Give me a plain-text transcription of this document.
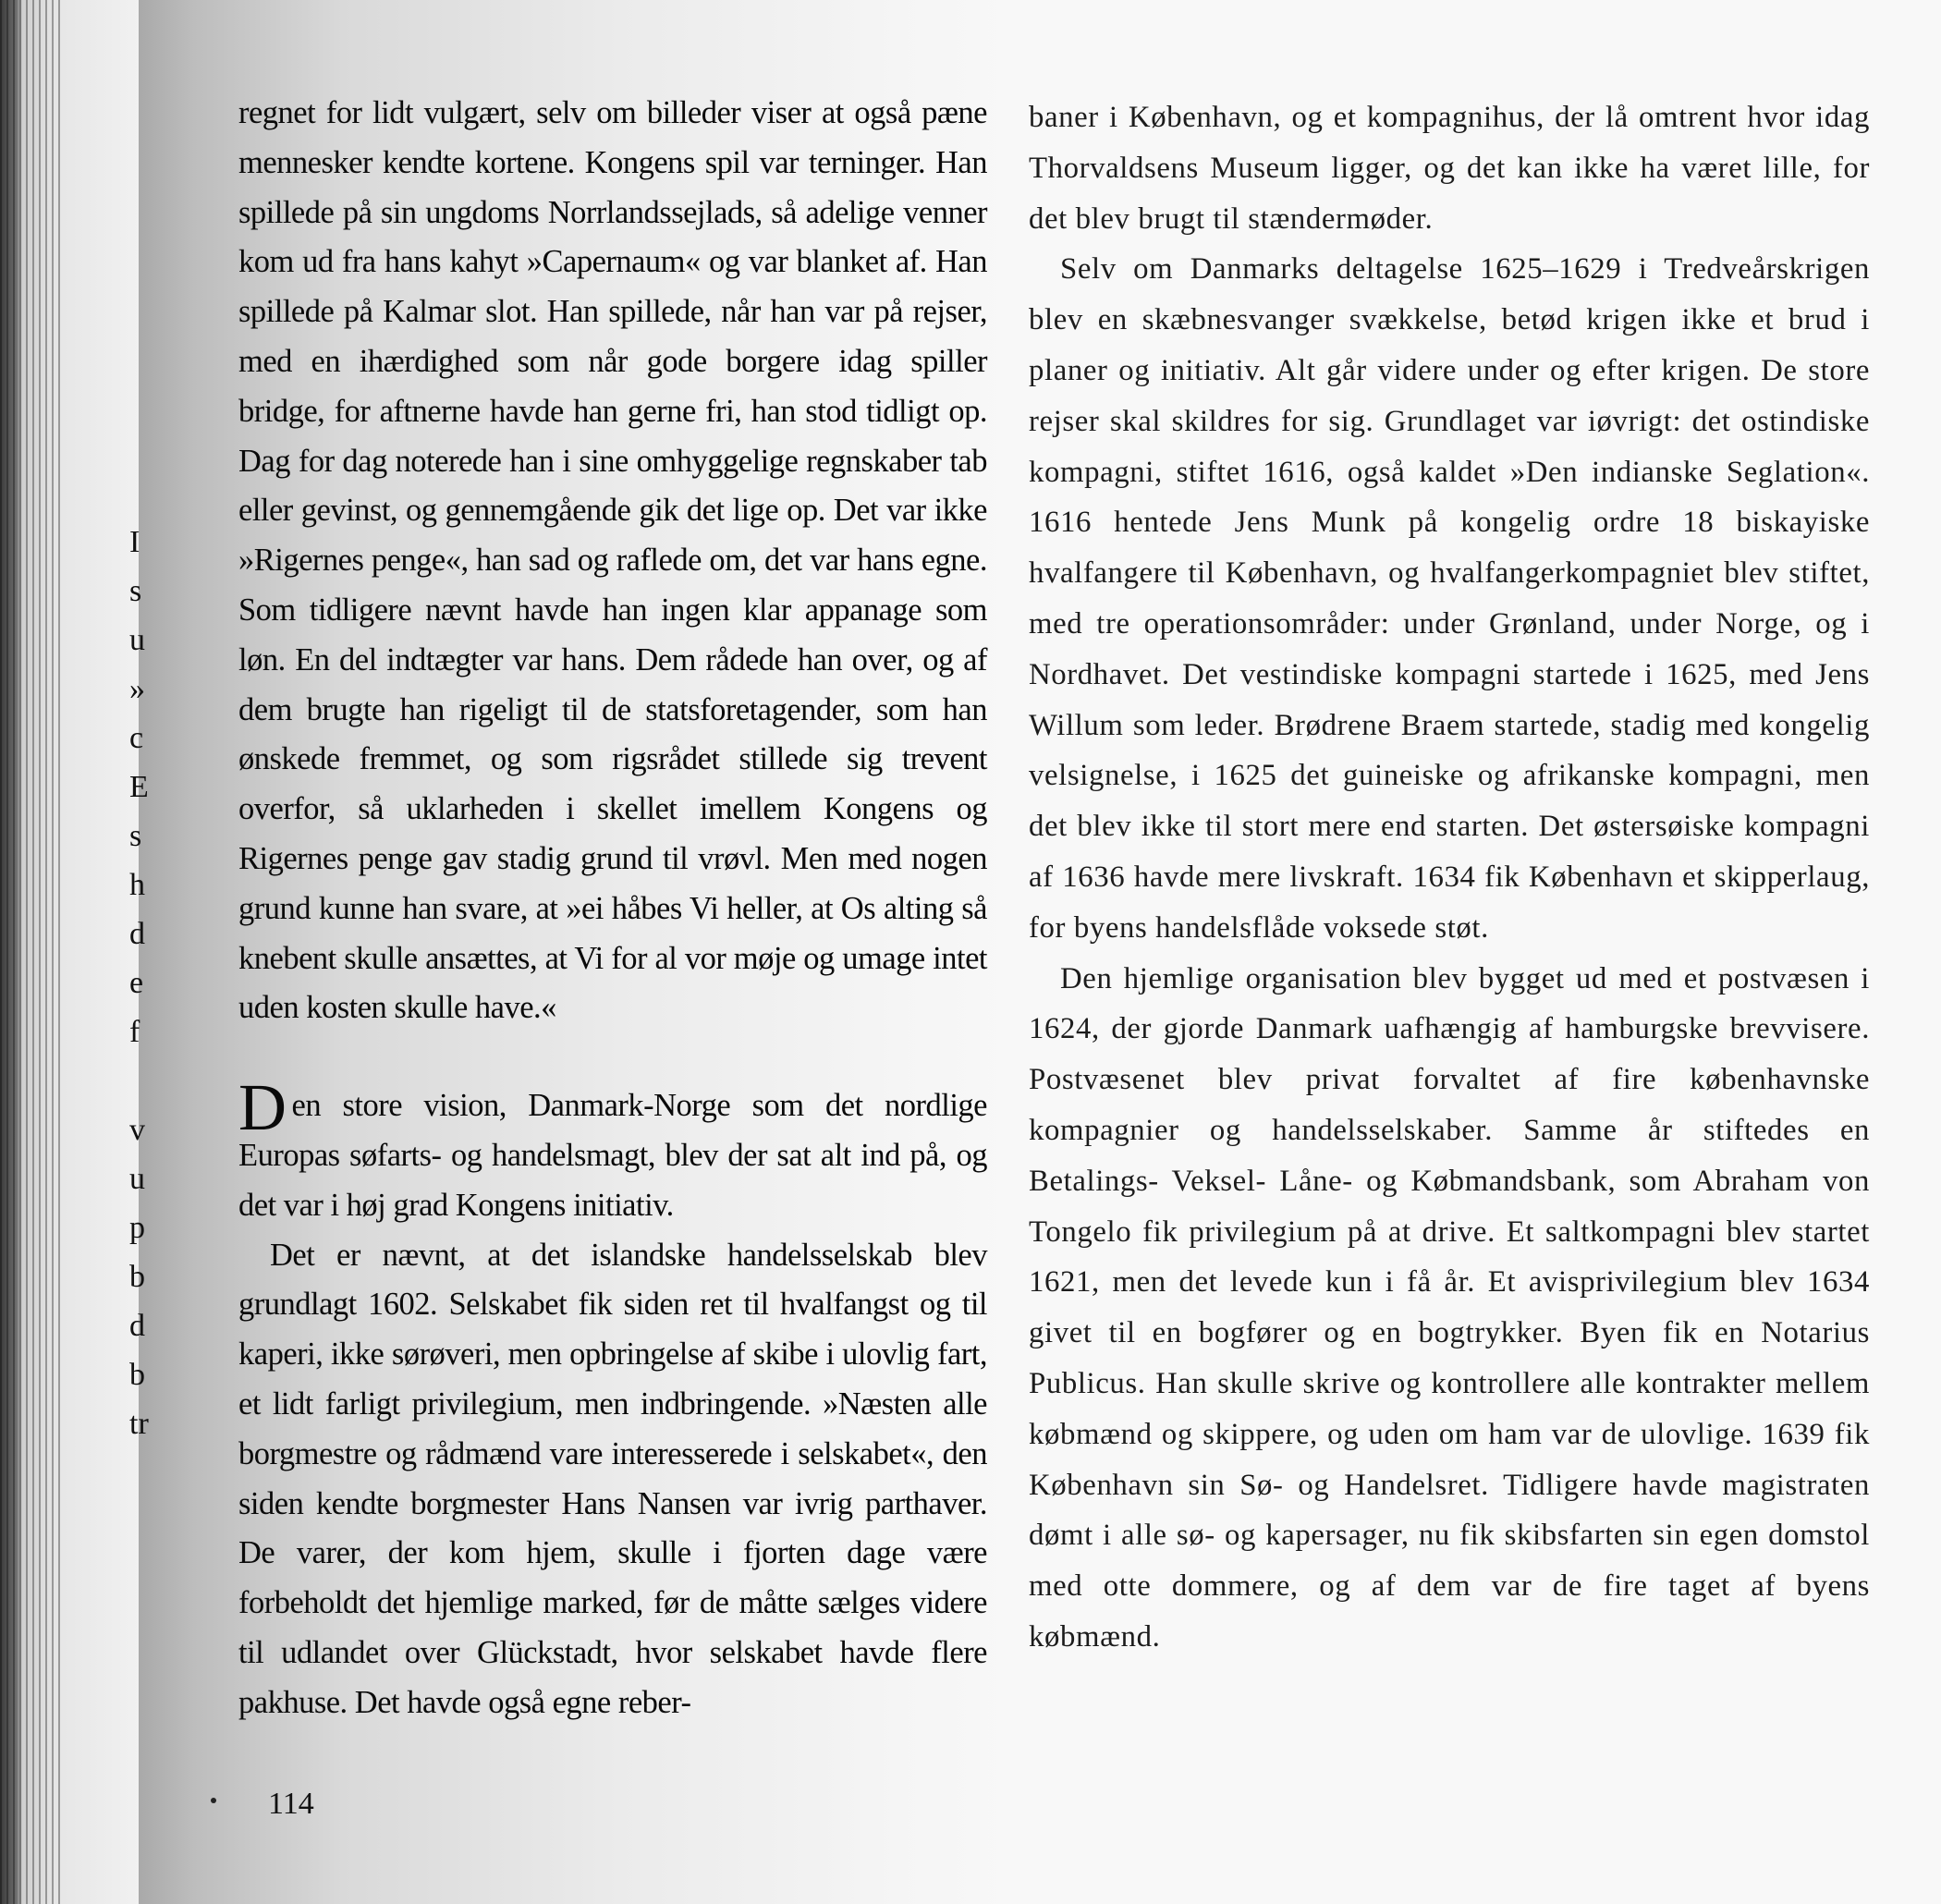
I
s
u
»
c
E
s
h
d
e
f
v
u
p
b
d
b
tr

regnet for lidt vulgært, selv om billeder viser at også pæne mennesker kendte kortene. Kongens spil var terninger. Han spillede på sin ungdoms Norrlandssejlads, så adelige venner kom ud fra hans kahyt »Capernaum« og var blanket af. Han spillede på Kalmar slot. Han spillede, når han var på rejser, med en ihærdighed som når gode borgere idag spiller bridge, for aftnerne havde han gerne fri, han stod tidligt op. Dag for dag noterede han i sine omhyggelige regnskaber tab eller gevinst, og gennemgående gik det lige op. Det var ikke »Rigernes penge«, han sad og raflede om, det var hans egne. Som tidligere nævnt havde han ingen klar appanage som løn. En del indtægter var hans. Dem rådede han over, og af dem brugte han rigeligt til de statsforetagender, som han ønskede fremmet, og som rigsrådet stillede sig trevent overfor, så uklarheden i skellet imellem Kongens og Rigernes penge gav stadig grund til vrøvl. Men med nogen grund kunne han svare, at »ei håbes Vi heller, at Os alting så knebent skulle ansættes, at Vi for al vor møje og umage intet uden kosten skulle have.«

Den store vision, Danmark-Norge som det nordlige Europas søfarts- og handelsmagt, blev der sat alt ind på, og det var i høj grad Kongens initiativ.

Det er nævnt, at det islandske handelsselskab blev grundlagt 1602. Selskabet fik siden ret til hvalfangst og til kaperi, ikke sørøveri, men opbringelse af skibe i ulovlig fart, et lidt farligt privilegium, men indbringende. »Næsten alle borgmestre og rådmænd vare interesserede i selskabet«, den siden kendte borgmester Hans Nansen var ivrig parthaver. De varer, der kom hjem, skulle i fjorten dage være forbeholdt det hjemlige marked, før de måtte sælges videre til udlandet over Glückstadt, hvor selskabet havde flere pakhuse. Det havde også egne reber-

114

baner i København, og et kompagnihus, der lå omtrent hvor idag Thorvaldsens Museum ligger, og det kan ikke ha været lille, for det blev brugt til stændermøder.

Selv om Danmarks deltagelse 1625–1629 i Tredveårskrigen blev en skæbnesvanger svækkelse, betød krigen ikke et brud i planer og initiativ. Alt går videre under og efter krigen. De store rejser skal skildres for sig. Grundlaget var iøvrigt: det ostindiske kompagni, stiftet 1616, også kaldet »Den indianske Seglation«. 1616 hentede Jens Munk på kongelig ordre 18 biskayiske hvalfangere til København, og hvalfangerkompagniet blev stiftet, med tre operationsområder: under Grønland, under Norge, og i Nordhavet. Det vestindiske kompagni startede i 1625, med Jens Willum som leder. Brødrene Braem startede, stadig med kongelig velsignelse, i 1625 det guineiske og afrikanske kompagni, men det blev ikke til stort mere end starten. Det østersøiske kompagni af 1636 havde mere livskraft. 1634 fik København et skipperlaug, for byens handelsflåde voksede støt.

Den hjemlige organisation blev bygget ud med et postvæsen i 1624, der gjorde Danmark uafhængig af hamburgske brevvisere. Postvæsenet blev privat forvaltet af fire københavnske kompagnier og handelsselskaber. Samme år stiftedes en Betalings- Veksel- Låne- og Købmandsbank, som Abraham von Tongelo fik privilegium på at drive. Et saltkompagni blev startet 1621, men det levede kun i få år. Et avisprivilegium blev 1634 givet til en bogfører og en bogtrykker. Byen fik en Notarius Publicus. Han skulle skrive og kontrollere alle kontrakter mellem købmænd og skippere, og uden om ham var de ulovlige. 1639 fik København sin Sø- og Handelsret. Tidligere havde magistraten dømt i alle sø- og kapersager, nu fik skibsfarten sin egen domstol med otte dommere, og af dem var de fire taget af byens købmænd.
